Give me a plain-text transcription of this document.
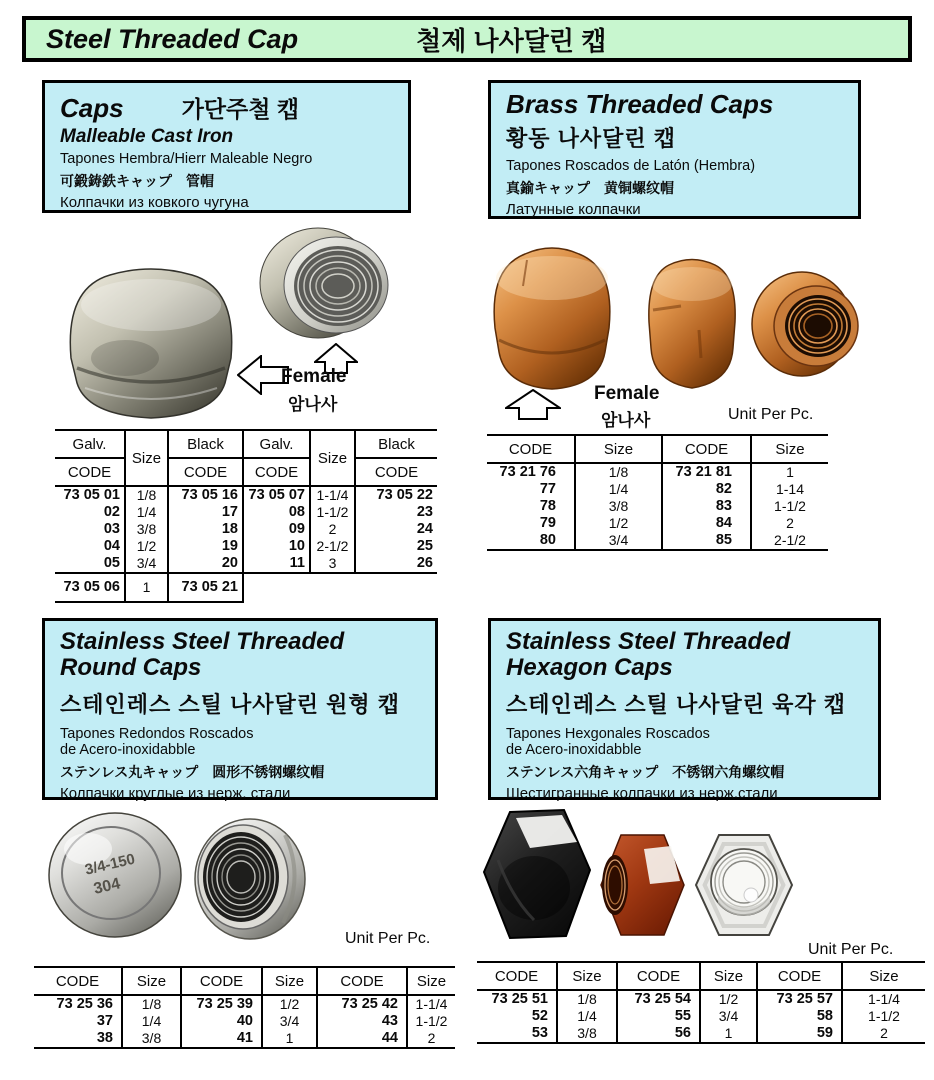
Steel Threaded Cap	철제 나사달린 캡
Caps	가단주철 캡
Malleable Cast Iron
Tapones Hembra/Hierr Maleable Negro
可鍛鋳鉄キャップ　管帽
Колпачки из ковкого чугуна
Female
암나사
Galv.	Size	Black	Galv.	Size	Black
CODE		CODE	CODE		CODE
73 05 01	1/8	73 05 16	73 05 07	1-1/4	73 05 22
02	1/4	17	08	1-1/2	23
03	3/8	18	09	2	24
04	1/2	19	10	2-1/2	25
05	3/4	20	11	3	26
73 05 06	1	73 05 21			
Brass Threaded Caps
황동 나사달린 캡
Tapones Roscados de Latón (Hembra)
真鍮キャップ　黄铜螺纹帽
Латунные колпачки
Female
암나사	Unit Per Pc.
CODE	Size	CODE	Size
73 21 76	1/8	73 21 81	1
77	1/4	82	1-14
78	3/8	83	1-1/2
79	1/2	84	2
80	3/4	85	2-1/2
Stainless Steel Threaded
Round Caps
스테인레스 스틸 나사달린 원형 캡
Tapones Redondos Roscados
de Acero-inoxidabble
ステンレス丸キャップ　圆形不锈钢螺纹帽
Колпачки круглые из нерж. стали
3/4-150
304
Unit Per Pc.
CODE	Size	CODE	Size	CODE	Size
73 25 36	1/8	73 25 39	1/2	73 25 42	1-1/4
37	1/4	40	3/4	43	1-1/2
38	3/8	41	1	44	2
Stainless Steel Threaded
Hexagon Caps
스테인레스 스틸 나사달린 육각 캡
Tapones Hexgonales Roscados
de Acero-inoxidabble
ステンレス六角キャップ　不锈钢六角螺纹帽
Шестигранные колпачки из нерж.стали
Unit Per Pc.
CODE	Size	CODE	Size	CODE	Size
73 25 51	1/8	73 25 54	1/2	73 25 57	1-1/4
52	1/4	55	3/4	58	1-1/2
53	3/8	56	1	59	2
